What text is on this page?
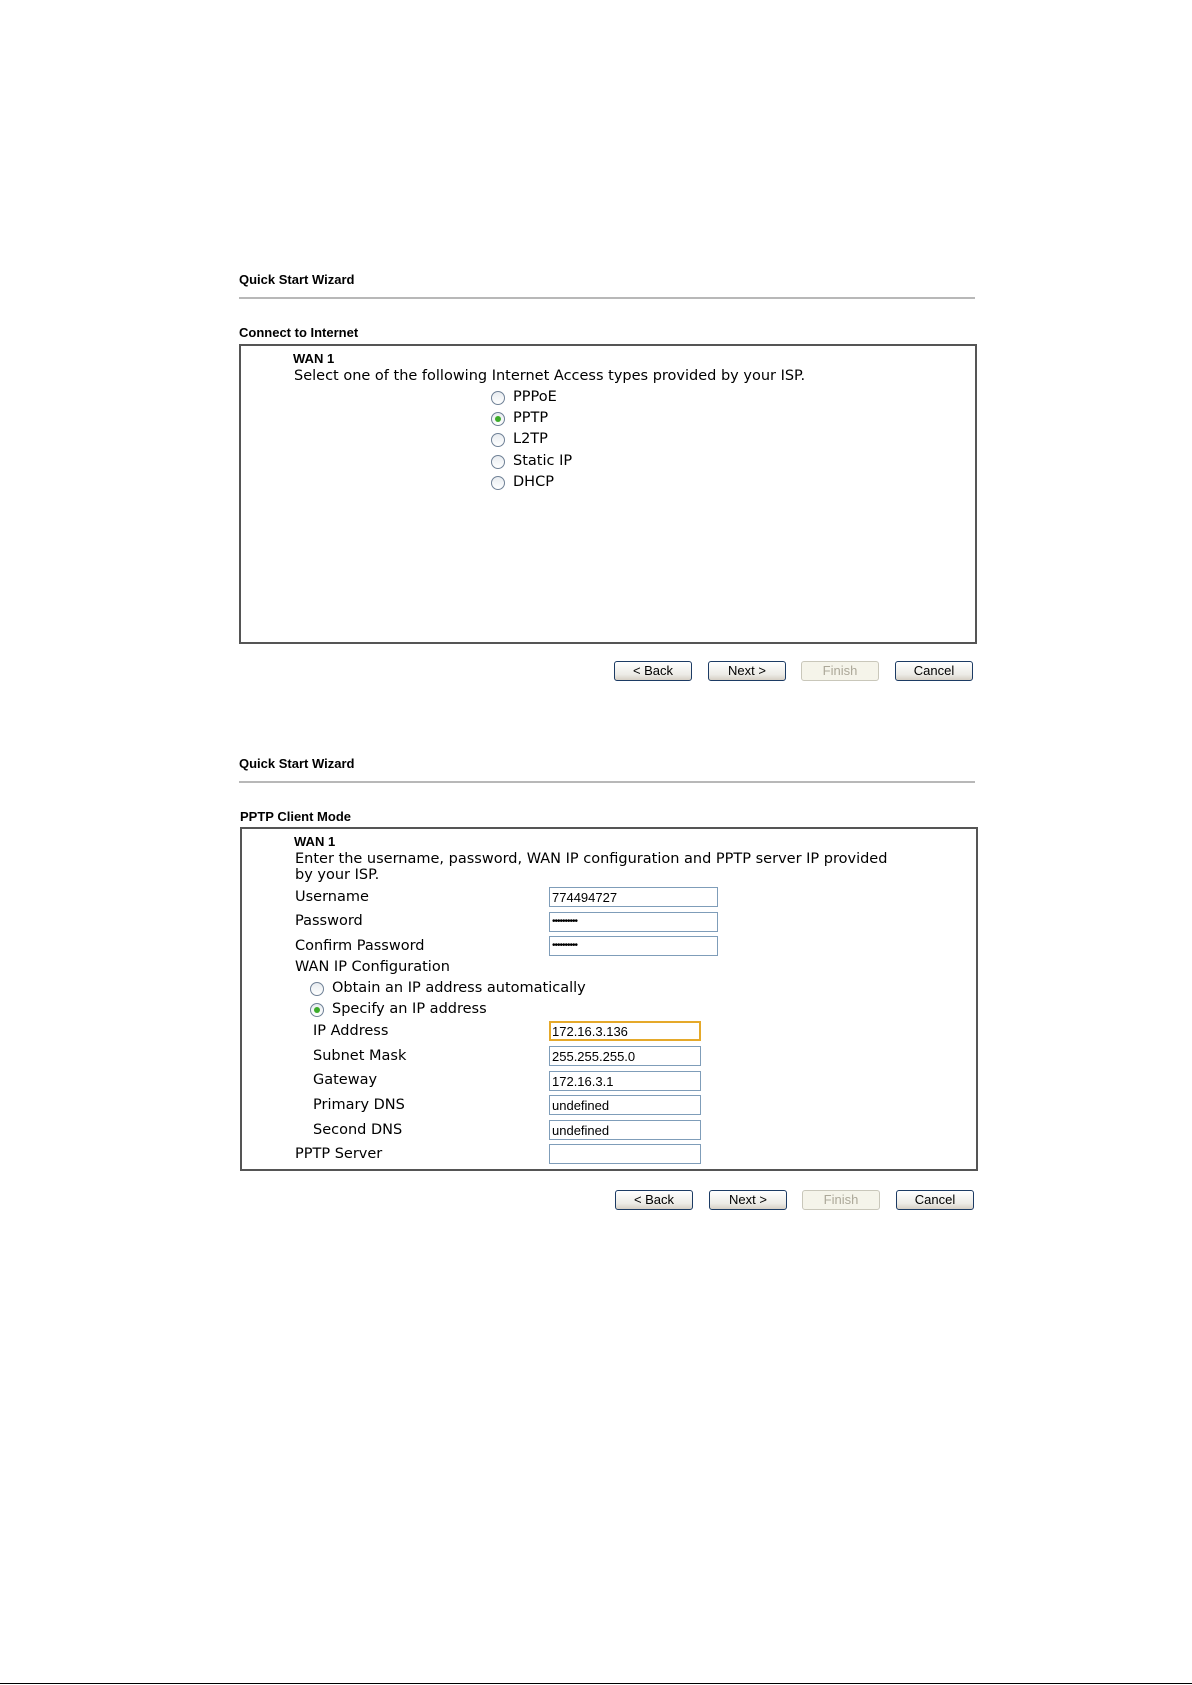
Quick Start Wizard
Connect to Internet
WAN 1
Select one of the following Internet Access types provided by your ISP.
PPPoE
PPTP
L2TP
Static IP
DHCP
< Back	Next >	Finish	Cancel
Quick Start Wizard
PPTP Client Mode
WAN 1
Enter the username, password, WAN IP configuration and PPTP server IP provided
by your ISP.
Username	774494727
Password	••••••••••
Confirm Password	••••••••••
WAN IP Configuration
Obtain an IP address automatically
Specify an IP address
IP Address	172.16.3.136
Subnet Mask	255.255.255.0
Gateway	172.16.3.1
Primary DNS	undefined
Second DNS	undefined
PPTP Server
< Back	Next >	Finish	Cancel
